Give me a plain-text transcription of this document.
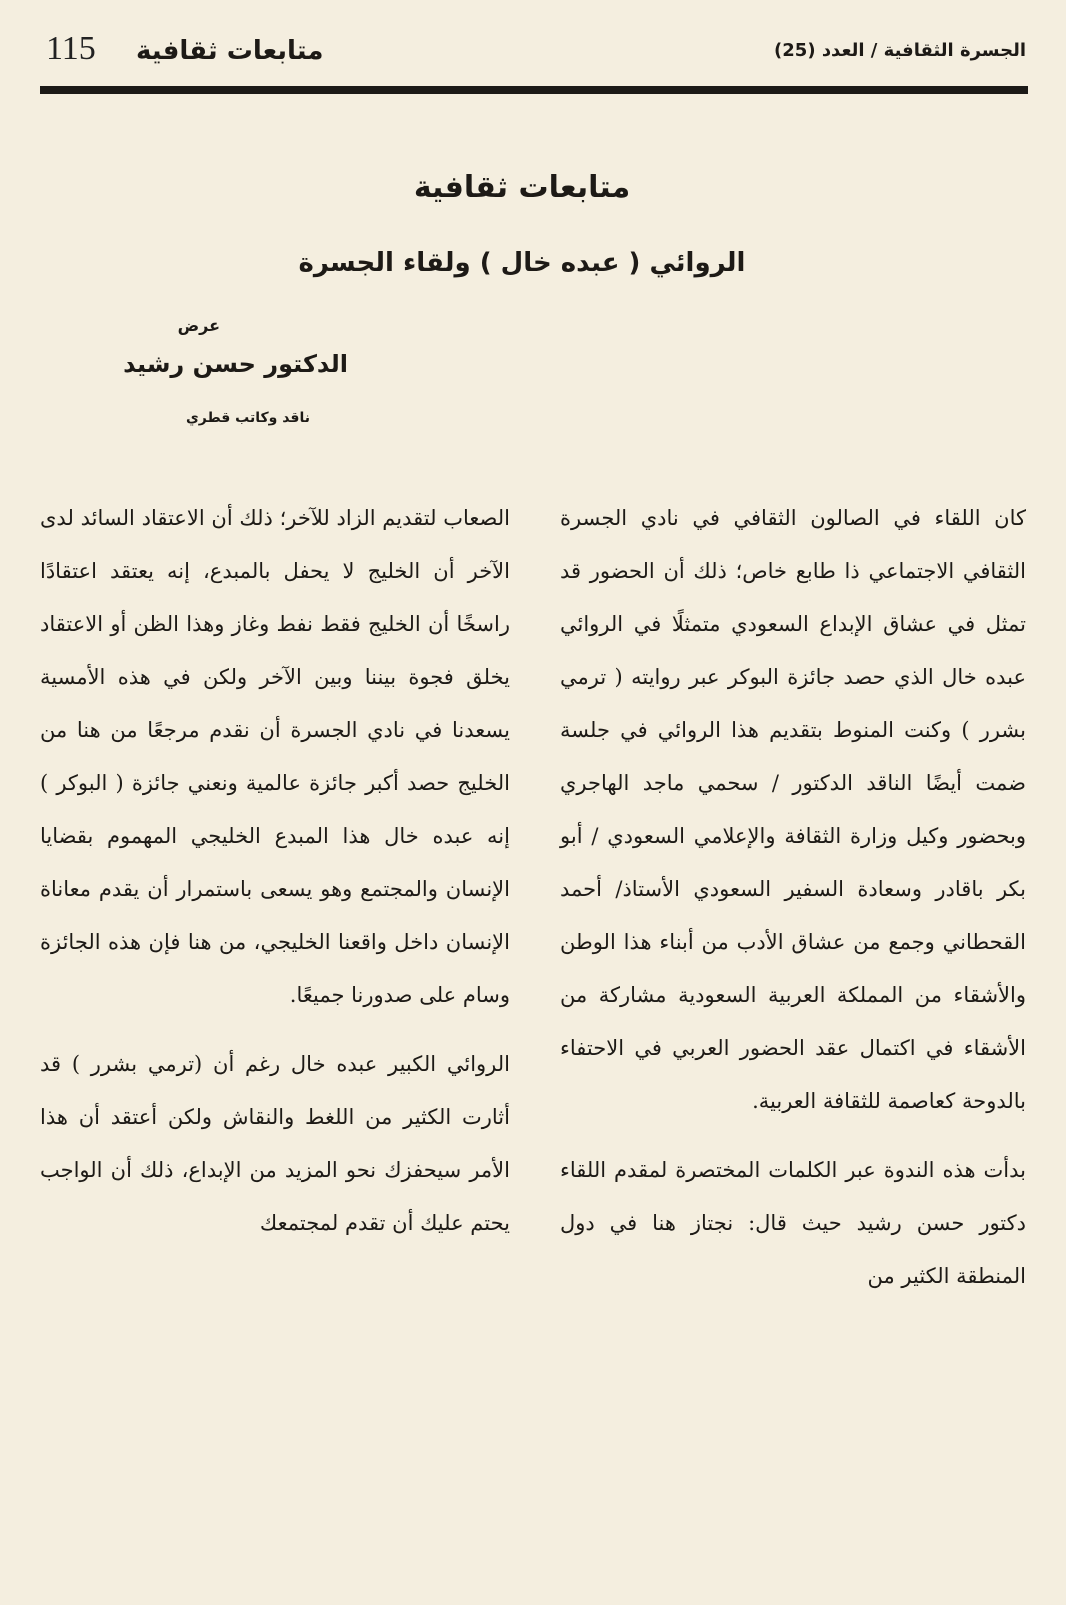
115 متابعات ثقافية	الجسرة الثقافية / العدد (25)
متابعات ثقافية
الروائي ( عبده خال ) ولقاء الجسرة
عرض
الدكتور حسن رشيد
ناقد وكاتب قطري

كان اللقاء في الصالون الثقافي في نادي الجسرة الثقافي الاجتماعي ذا طابع خاص؛ ذلك أن الحضور قد تمثل في عشاق الإبداع السعودي متمثلًا في الروائي عبده خال الذي حصد جائزة البوكر عبر روايته ( ترمي بشرر ) وكنت المنوط بتقديم هذا الروائي في جلسة ضمت أيضًا الناقد الدكتور / سحمي ماجد الهاجري وبحضور وكيل وزارة الثقافة والإعلامي السعودي / أبو بكر باقادر وسعادة السفير السعودي الأستاذ/ أحمد القحطاني وجمع من عشاق الأدب من أبناء هذا الوطن والأشقاء من المملكة العربية السعودية مشاركة من الأشقاء في اكتمال عقد الحضور العربي في الاحتفاء بالدوحة كعاصمة للثقافة العربية.

بدأت هذه الندوة عبر الكلمات المختصرة لمقدم اللقاء دكتور حسن رشيد حيث قال: نجتاز هنا في دول المنطقة الكثير من

الصعاب لتقديم الزاد للآخر؛ ذلك أن الاعتقاد السائد لدى الآخر أن الخليج لا يحفل بالمبدع، إنه يعتقد اعتقادًا راسخًا أن الخليج فقط نفط وغاز وهذا الظن أو الاعتقاد يخلق فجوة بيننا وبين الآخر ولكن في هذه الأمسية يسعدنا في نادي الجسرة أن نقدم مرجعًا من هنا من الخليج حصد أكبر جائزة عالمية ونعني جائزة ( البوكر ) إنه عبده خال هذا المبدع الخليجي المهموم بقضايا الإنسان والمجتمع وهو يسعى باستمرار أن يقدم معاناة الإنسان داخل واقعنا الخليجي، من هنا فإن هذه الجائزة وسام على صدورنا جميعًا.

الروائي الكبير عبده خال رغم أن (ترمي بشرر ) قد أثارت الكثير من اللغط والنقاش ولكن أعتقد أن هذا الأمر سيحفزك نحو المزيد من الإبداع، ذلك أن الواجب يحتم عليك أن تقدم لمجتمعك
